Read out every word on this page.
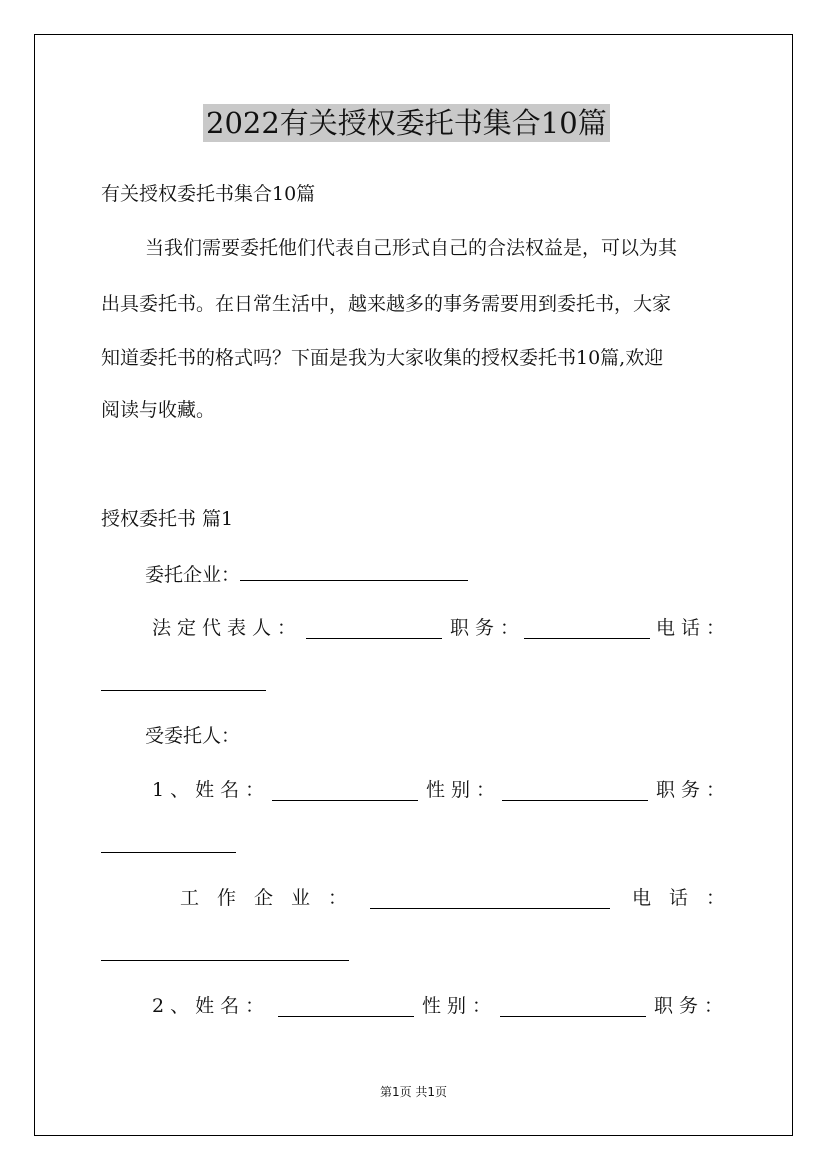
2022有关授权委托书集合10篇
有关授权委托书集合10篇
当我们需要委托他们代表自己形式自己的合法权益是，可以为其
出具委托书。在日常生活中，越来越多的事务需要用到委托书，大家
知道委托书的格式吗？下面是我为大家收集的授权委托书10篇,欢迎
阅读与收藏。
授权委托书 篇1
委托企业：
法定代表人：	职务：	电话：
受委托人：
1、姓名：	性别：	职务：
工作企业：	电话：
2、姓名：	性别：	职务：
第1页 共1页
